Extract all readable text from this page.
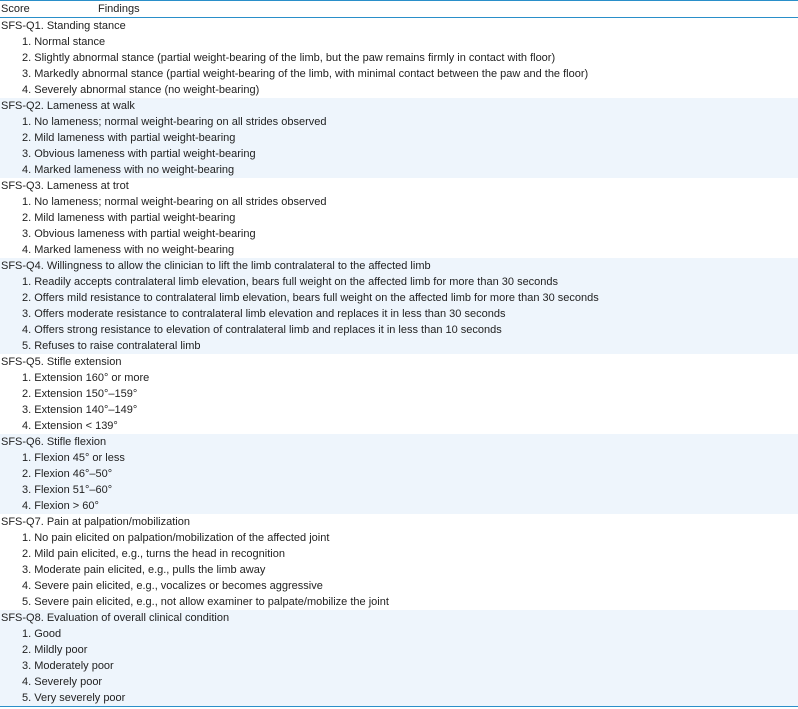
Score	Findings
SFS-Q1. Standing stance
1. Normal stance
2. Slightly abnormal stance (partial weight-bearing of the limb, but the paw remains firmly in contact with floor)
3. Markedly abnormal stance (partial weight-bearing of the limb, with minimal contact between the paw and the floor)
4. Severely abnormal stance (no weight-bearing)
SFS-Q2. Lameness at walk
1. No lameness; normal weight-bearing on all strides observed
2. Mild lameness with partial weight-bearing
3. Obvious lameness with partial weight-bearing
4. Marked lameness with no weight-bearing
SFS-Q3. Lameness at trot
1. No lameness; normal weight-bearing on all strides observed
2. Mild lameness with partial weight-bearing
3. Obvious lameness with partial weight-bearing
4. Marked lameness with no weight-bearing
SFS-Q4. Willingness to allow the clinician to lift the limb contralateral to the affected limb
1. Readily accepts contralateral limb elevation, bears full weight on the affected limb for more than 30 seconds
2. Offers mild resistance to contralateral limb elevation, bears full weight on the affected limb for more than 30 seconds
3. Offers moderate resistance to contralateral limb elevation and replaces it in less than 30 seconds
4. Offers strong resistance to elevation of contralateral limb and replaces it in less than 10 seconds
5. Refuses to raise contralateral limb
SFS-Q5. Stifle extension
1. Extension 160° or more
2. Extension 150°–159°
3. Extension 140°–149°
4. Extension < 139°
SFS-Q6. Stifle flexion
1. Flexion 45° or less
2. Flexion 46°–50°
3. Flexion 51°–60°
4. Flexion > 60°
SFS-Q7. Pain at palpation/mobilization
1. No pain elicited on palpation/mobilization of the affected joint
2. Mild pain elicited, e.g., turns the head in recognition
3. Moderate pain elicited, e.g., pulls the limb away
4. Severe pain elicited, e.g., vocalizes or becomes aggressive
5. Severe pain elicited, e.g., not allow examiner to palpate/mobilize the joint
SFS-Q8. Evaluation of overall clinical condition
1. Good
2. Mildly poor
3. Moderately poor
4. Severely poor
5. Very severely poor
